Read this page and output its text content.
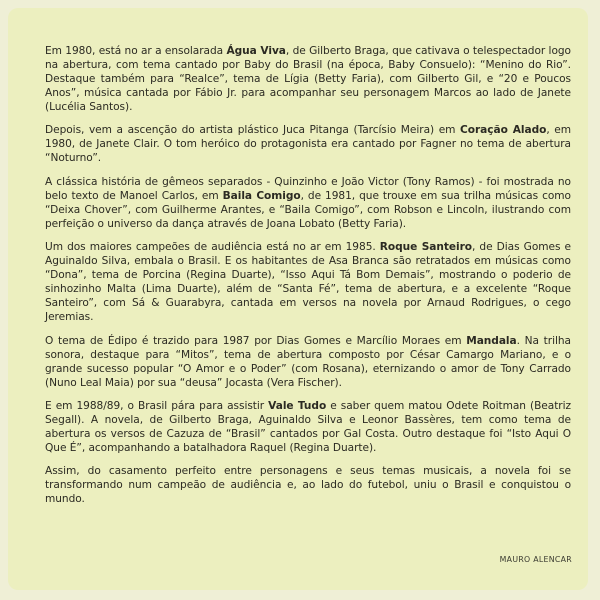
Em 1980, está no ar a ensolarada Água Viva, de Gilberto Braga, que cativava o telespectador logo na abertura, com tema cantado por Baby do Brasil (na época, Baby Consuelo): “Menino do Rio”. Destaque também para “Realce”, tema de Lígia (Betty Faria), com Gilberto Gil, e “20 e Poucos Anos”, música cantada por Fábio Jr. para acompanhar seu personagem Marcos ao lado de Janete (Lucélia Santos).

Depois, vem a ascenção do artista plástico Juca Pitanga (Tarcísio Meira) em Coração Alado, em 1980, de Janete Clair. O tom heróico do protagonista era cantado por Fagner no tema de abertura “Noturno”.

A clássica história de gêmeos separados - Quinzinho e João Victor (Tony Ramos) - foi mostrada no belo texto de Manoel Carlos, em Baila Comigo, de 1981, que trouxe em sua trilha músicas como “Deixa Chover”, com Guilherme Arantes, e “Baila Comigo”, com Robson e Lincoln, ilustrando com perfeição o universo da dança através de Joana Lobato (Betty Faria).

Um dos maiores campeões de audiência está no ar em 1985. Roque Santeiro, de Dias Gomes e Aguinaldo Silva, embala o Brasil. E os habitantes de Asa Branca são retratados em músicas como “Dona”, tema de Porcina (Regina Duarte), “Isso Aqui Tá Bom Demais”, mostrando o poderio de sinhozinho Malta (Lima Duarte), além de “Santa Fé”, tema de abertura, e a excelente “Roque Santeiro”, com Sá & Guarabyra, cantada em versos na novela por Arnaud Rodrigues, o cego Jeremias.

O tema de Édipo é trazido para 1987 por Dias Gomes e Marcílio Moraes em Mandala. Na trilha sonora, destaque para “Mitos”, tema de abertura composto por César Camargo Mariano, e o grande sucesso popular “O Amor e o Poder” (com Rosana), eternizando o amor de Tony Carrado (Nuno Leal Maia) por sua “deusa” Jocasta (Vera Fischer).

E em 1988/89, o Brasil pára para assistir Vale Tudo e saber quem matou Odete Roitman (Beatriz Segall). A novela, de Gilberto Braga, Aguinaldo Silva e Leonor Bassères, tem como tema de abertura os versos de Cazuza de “Brasil” cantados por Gal Costa. Outro destaque foi “Isto Aqui O Que É”, acompanhando a batalhadora Raquel (Regina Duarte).

Assim, do casamento perfeito entre personagens e seus temas musicais, a novela foi se transformando num campeão de audiência e, ao lado do futebol, uniu o Brasil e conquistou o mundo.

MAURO ALENCAR
